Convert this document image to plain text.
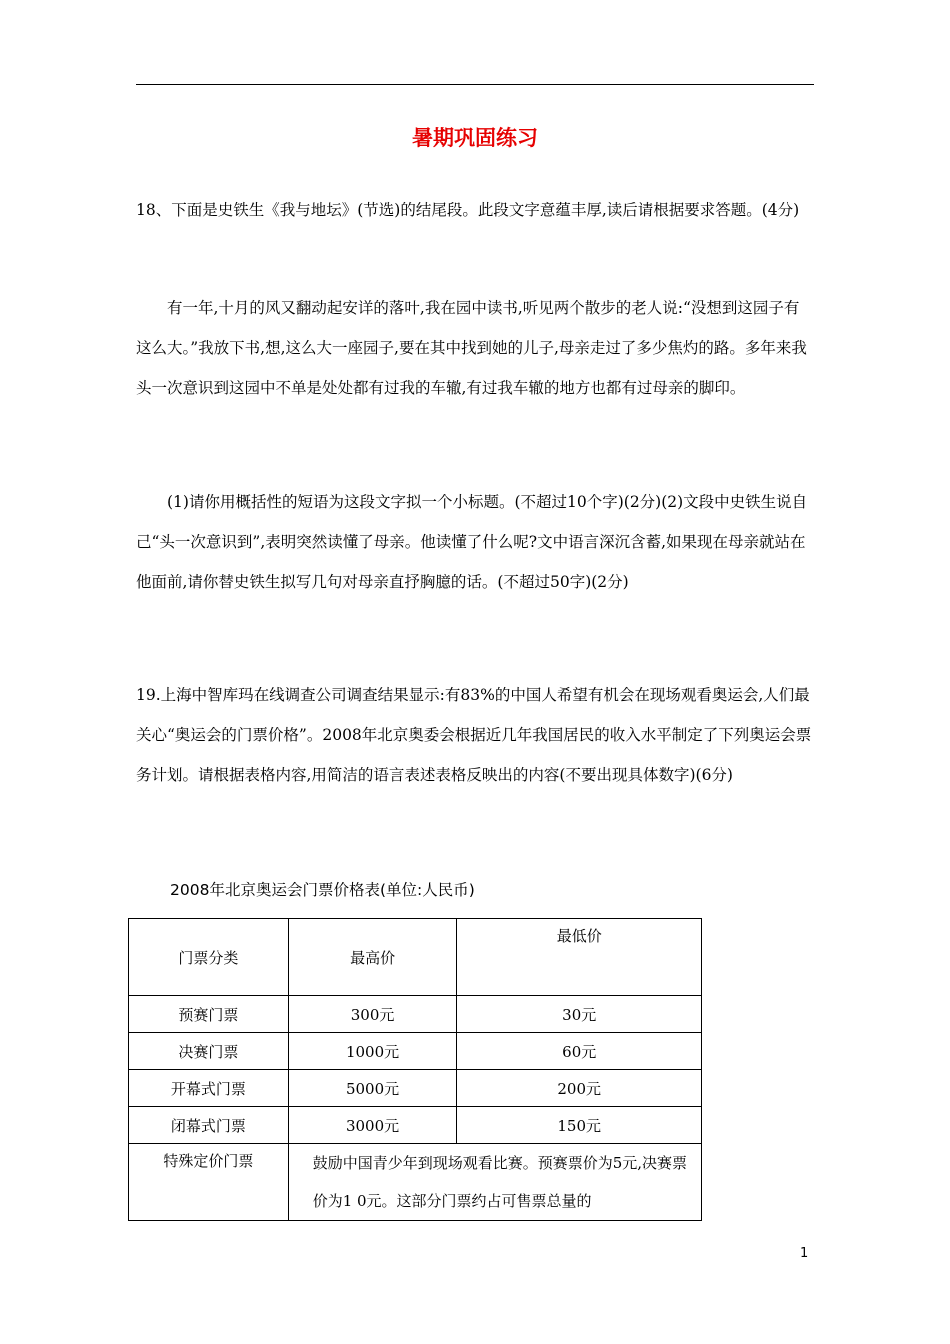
暑期巩固练习

18、下面是史铁生《我与地坛》(节选)的结尾段。此段文字意蕴丰厚,读后请根据要求答题。(4分)

有一年,十月的风又翻动起安详的落叶,我在园中读书,听见两个散步的老人说:“没想到这园子有这么大。”我放下书,想,这么大一座园子,要在其中找到她的儿子,母亲走过了多少焦灼的路。多年来我头一次意识到这园中不单是处处都有过我的车辙,有过我车辙的地方也都有过母亲的脚印。

(1)请你用概括性的短语为这段文字拟一个小标题。(不超过10个字)(2分)(2)文段中史铁生说自己“头一次意识到”,表明突然读懂了母亲。他读懂了什么呢?文中语言深沉含蓄,如果现在母亲就站在他面前,请你替史铁生拟写几句对母亲直抒胸臆的话。(不超过50字)(2分)

19.上海中智库玛在线调查公司调查结果显示:有83%的中国人希望有机会在现场观看奥运会,人们最关心“奥运会的门票价格”。2008年北京奥委会根据近几年我国居民的收入水平制定了下列奥运会票务计划。请根据表格内容,用简洁的语言表述表格反映出的内容(不要出现具体数字)(6分)

2008年北京奥运会门票价格表(单位:人民币)
门票分类	最高价	最低价
预赛门票	300元	30元
决赛门票	1000元	60元
开幕式门票	5000元	200元
闭幕式门票	3000元	150元
特殊定价门票	鼓励中国青少年到现场观看比赛。预赛票价为5元,决赛票价为1 0元。这部分门票约占可售票总量的	
1
